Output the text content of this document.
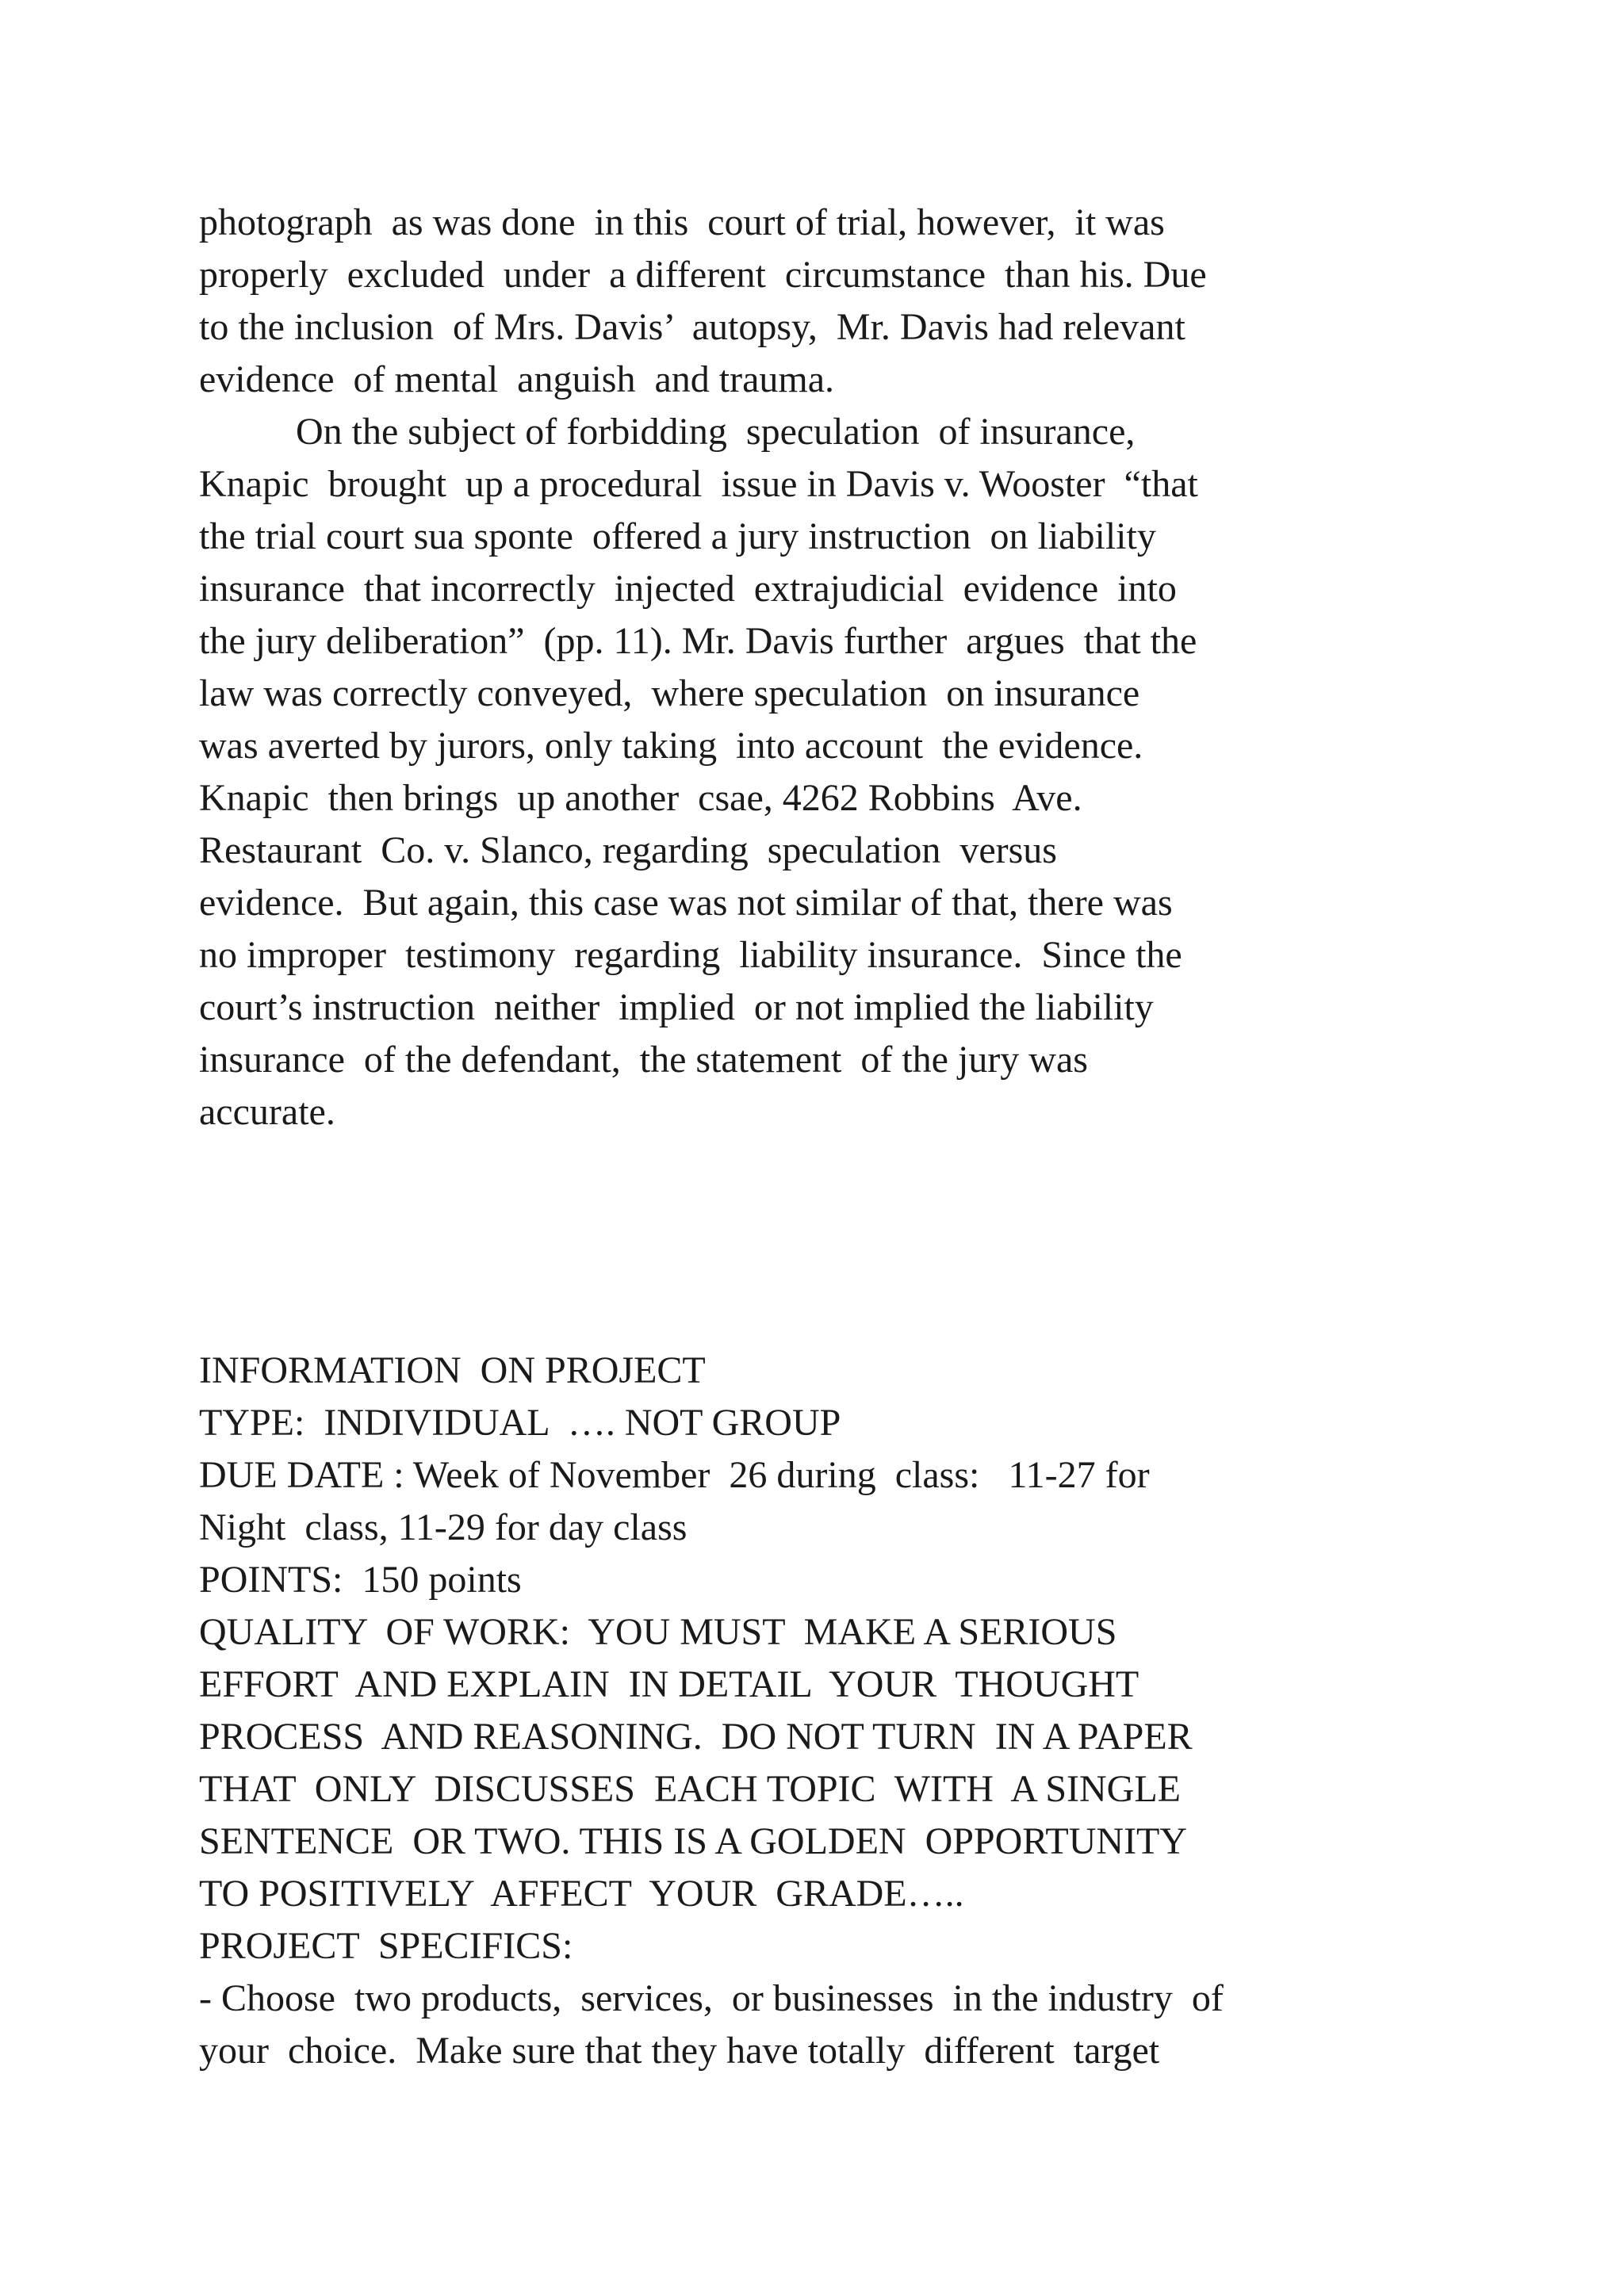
photograph  as was done  in this  court of trial, however,  it was
properly  excluded  under  a different  circumstance  than his. Due
to the inclusion  of Mrs. Davis’  autopsy,  Mr. Davis had relevant
evidence  of mental  anguish  and trauma.
On the subject of forbidding  speculation  of insurance,
Knapic  brought  up a procedural  issue in Davis v. Wooster  “that
the trial court sua sponte  offered a jury instruction  on liability
insurance  that incorrectly  injected  extrajudicial  evidence  into
the jury deliberation”  (pp. 11). Mr. Davis further  argues  that the
law was correctly conveyed,  where speculation  on insurance
was averted by jurors, only taking  into account  the evidence.
Knapic  then brings  up another  csae, 4262 Robbins  Ave.
Restaurant  Co. v. Slanco, regarding  speculation  versus
evidence.  But again, this case was not similar of that, there was
no improper  testimony  regarding  liability insurance.  Since the
court’s instruction  neither  implied  or not implied the liability
insurance  of the defendant,  the statement  of the jury was
accurate.
INFORMATION  ON PROJECT
TYPE:  INDIVIDUAL  …. NOT GROUP
DUE DATE : Week of November  26 during  class:   11-27 for
Night  class, 11-29 for day class
POINTS:  150 points
QUALITY  OF WORK:  YOU MUST  MAKE A SERIOUS
EFFORT  AND EXPLAIN  IN DETAIL  YOUR  THOUGHT
PROCESS  AND REASONING.  DO NOT TURN  IN A PAPER
THAT  ONLY  DISCUSSES  EACH TOPIC  WITH  A SINGLE
SENTENCE  OR TWO. THIS IS A GOLDEN  OPPORTUNITY
TO POSITIVELY  AFFECT  YOUR  GRADE…..
PROJECT  SPECIFICS:
- Choose  two products,  services,  or businesses  in the industry  of
your  choice.  Make sure that they have totally  different  target
